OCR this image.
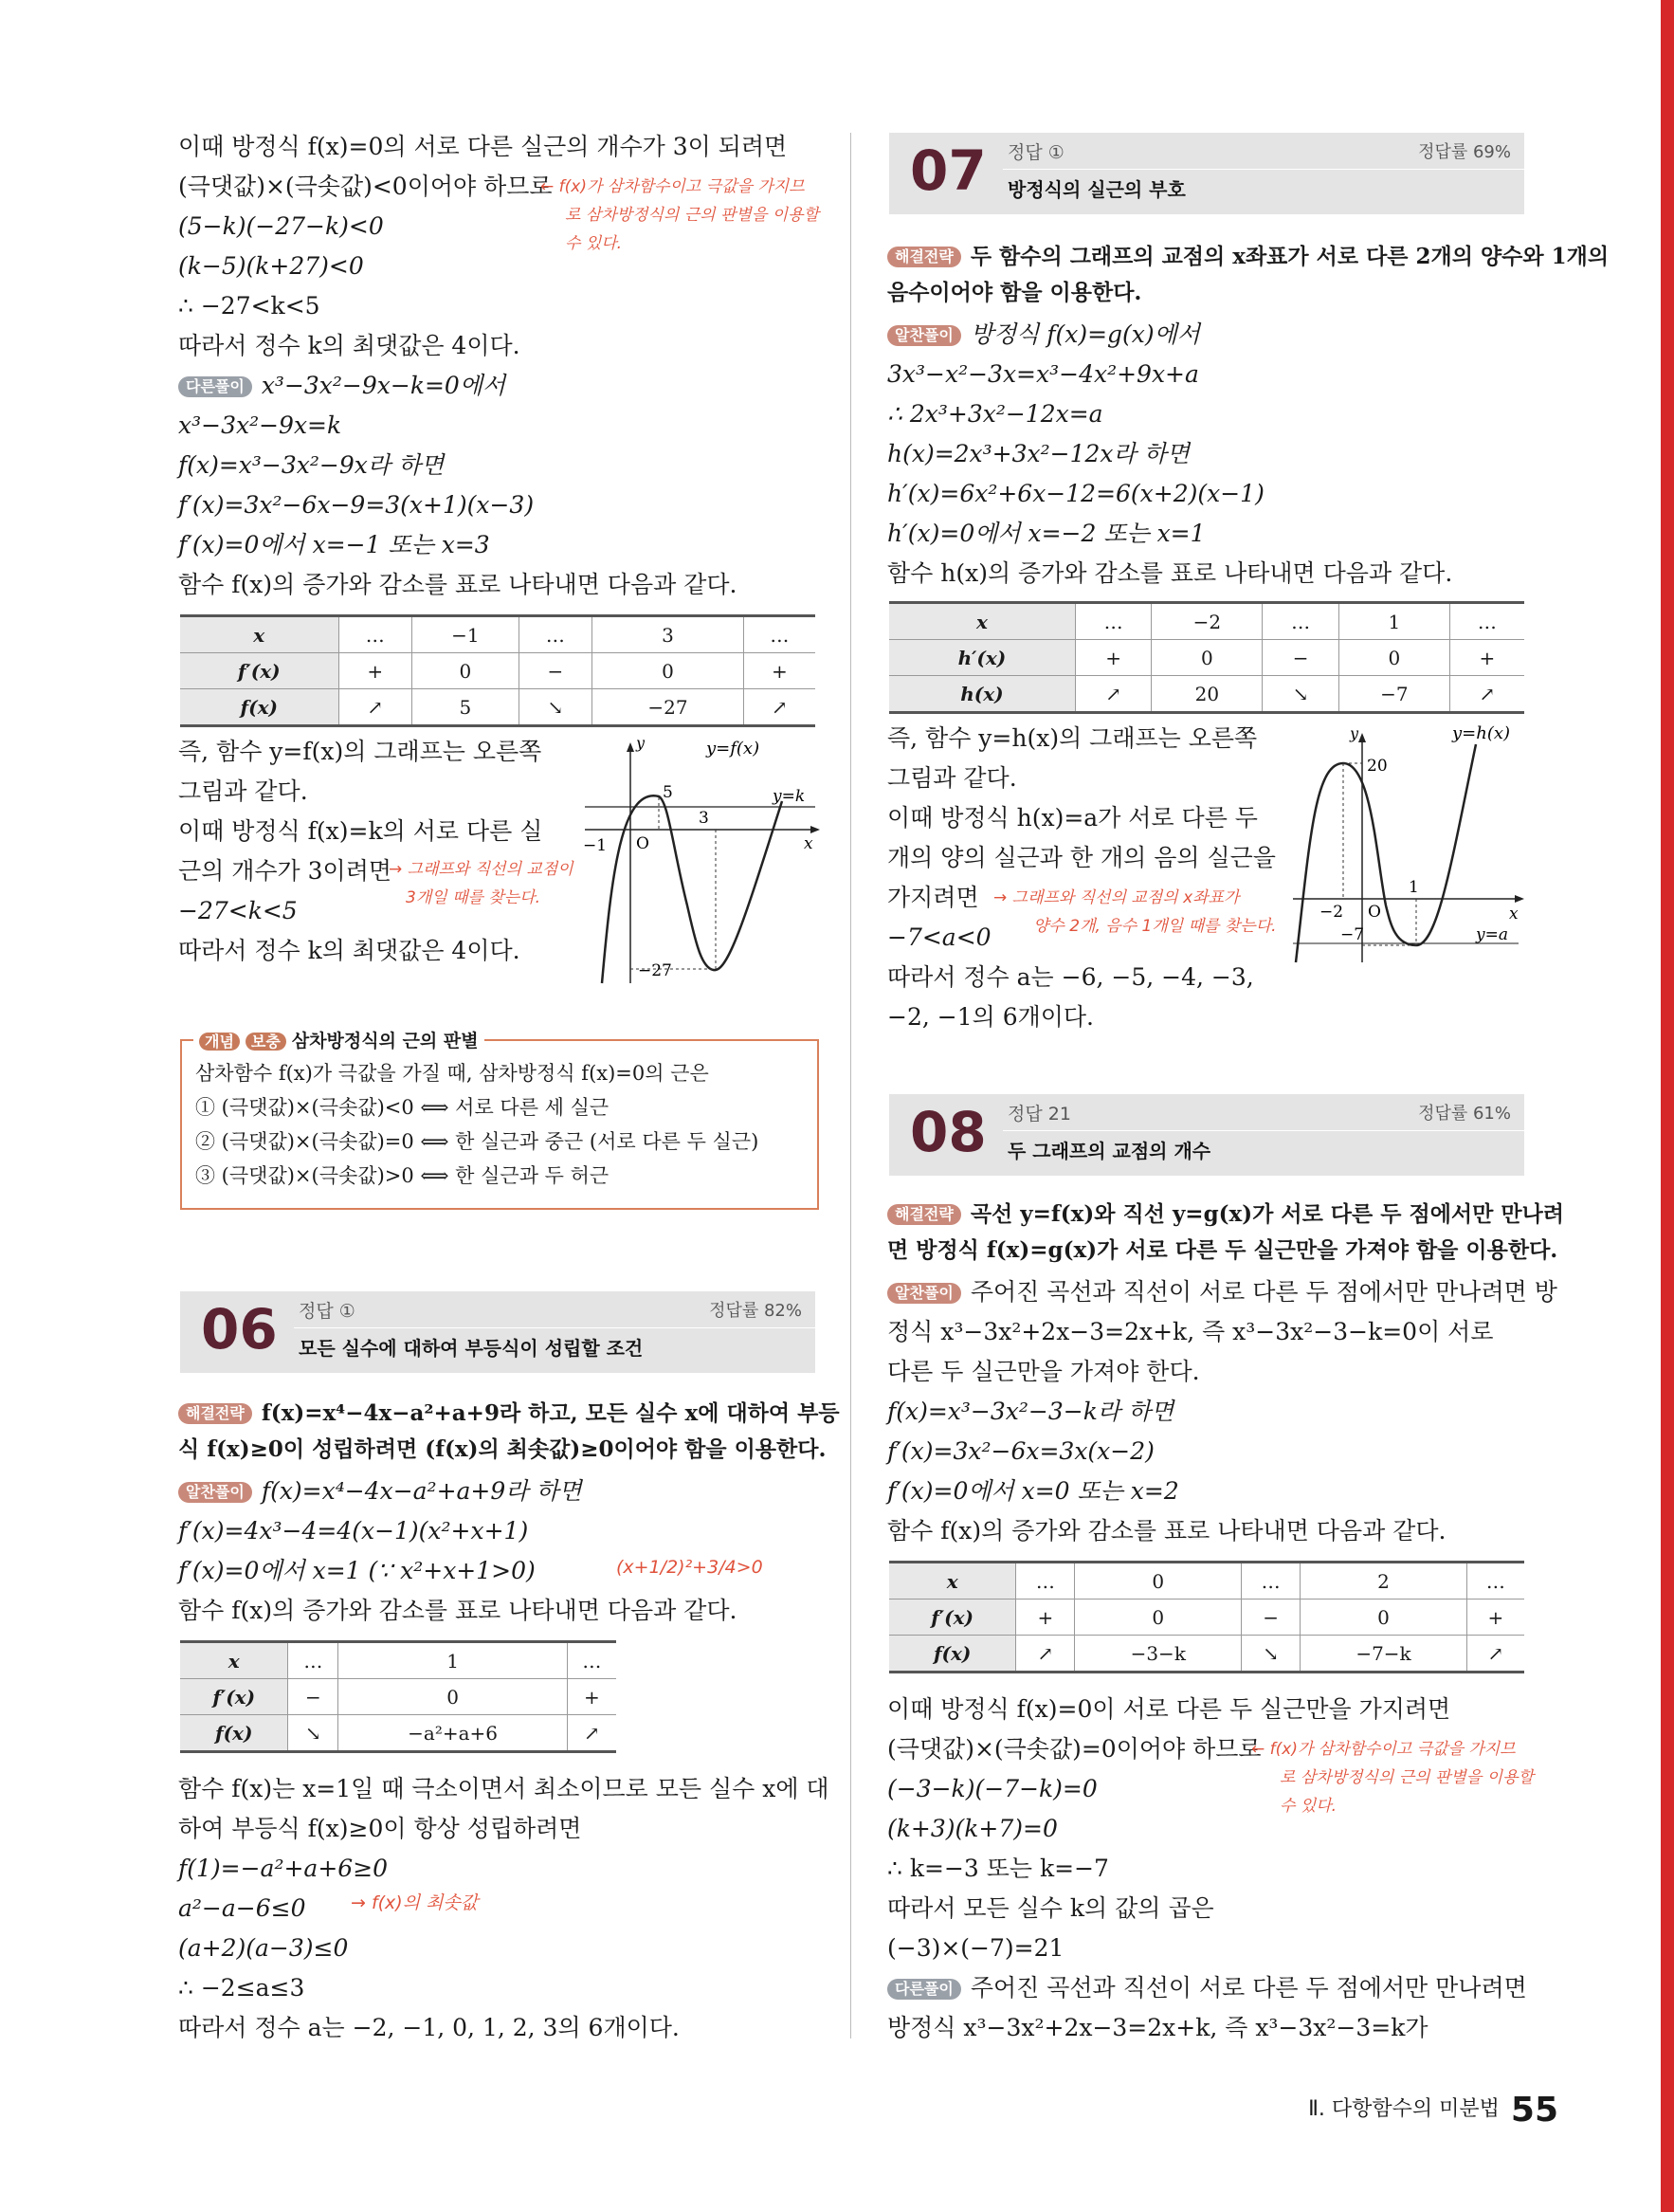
이때 방정식 f(x)=0의 서로 다른 실근의 개수가 3이 되려면
(극댓값)×(극솟값)<0이어야 하므로
(5−k)(−27−k)<0
(k−5)(k+27)<0
∴ −27<k<5
따라서 정수 k의 최댓값은 4이다.
← f(x)가 삼차함수이고 극값을 가지므
로 삼차방정식의 근의 판별을 이용할
수 있다.
다른풀이 x³−3x²−9x−k=0에서
x³−3x²−9x=k
f(x)=x³−3x²−9x라 하면
f′(x)=3x²−6x−9=3(x+1)(x−3)
f′(x)=0에서 x=−1 또는 x=3
함수 f(x)의 증가와 감소를 표로 나타내면 다음과 같다.
x	…	−1	…	3	…
f′(x)	+	0	−	0	+
f(x)	↗	5	↘	−27	↗
즉, 함수 y=f(x)의 그래프는 오른쪽
그림과 같다.
이때 방정식 f(x)=k의 서로 다른 실
근의 개수가 3이려면
−27<k<5
따라서 정수 k의 최댓값은 4이다.
→ 그래프와 직선의 교점이
3개일 때를 찾는다.
y	y=f(x)
5	y=k
3
x
−1 O
−27
개념 보충 삼차방정식의 근의 판별
삼차함수 f(x)가 극값을 가질 때, 삼차방정식 f(x)=0의 근은
① (극댓값)×(극솟값)<0 ⟺ 서로 다른 세 실근
② (극댓값)×(극솟값)=0 ⟺ 한 실근과 중근 (서로 다른 두 실근)
③ (극댓값)×(극솟값)>0 ⟺ 한 실근과 두 허근
06 정답 ①	정답률 82%
모든 실수에 대하여 부등식이 성립할 조건
해결전략 f(x)=x⁴−4x−a²+a+9라 하고, 모든 실수 x에 대하여 부등
식 f(x)≥0이 성립하려면 (f(x)의 최솟값)≥0이어야 함을 이용한다.
알찬풀이 f(x)=x⁴−4x−a²+a+9라 하면
f′(x)=4x³−4=4(x−1)(x²+x+1)
f′(x)=0에서 x=1 (∵ x²+x+1>0)	(x+1/2)²+3/4>0
함수 f(x)의 증가와 감소를 표로 나타내면 다음과 같다.
x	…	1	…
f′(x)	−	0	+
f(x)	↘	−a²+a+6	↗
함수 f(x)는 x=1일 때 극소이면서 최소이므로 모든 실수 x에 대
하여 부등식 f(x)≥0이 항상 성립하려면
f(1)=−a²+a+6≥0
→ f(x)의 최솟값
a²−a−6≤0
(a+2)(a−3)≤0
∴ −2≤a≤3
따라서 정수 a는 −2, −1, 0, 1, 2, 3의 6개이다.
07 정답 ①	정답률 69%
방정식의 실근의 부호
해결전략 두 함수의 그래프의 교점의 x좌표가 서로 다른 2개의 양수와 1개의
음수이어야 함을 이용한다.
알찬풀이 방정식 f(x)=g(x)에서
3x³−x²−3x=x³−4x²+9x+a
∴ 2x³+3x²−12x=a
h(x)=2x³+3x²−12x라 하면
h′(x)=6x²+6x−12=6(x+2)(x−1)
h′(x)=0에서 x=−2 또는 x=1
함수 h(x)의 증가와 감소를 표로 나타내면 다음과 같다.
x	…	−2	…	1	…
h′(x)	+	0	−	0	+
h(x)	↗	20	↘	−7	↗
즉, 함수 y=h(x)의 그래프는 오른쪽
그림과 같다.
이때 방정식 h(x)=a가 서로 다른 두
개의 양의 실근과 한 개의 음의 실근을
가지려면
−7<a<0
따라서 정수 a는 −6, −5, −4, −3,
−2, −1의 6개이다.
→ 그래프와 직선의 교점의 x좌표가
양수 2개, 음수 1개일 때를 찾는다.
y	y=h(x)
20
1
x
−2 O
−7	y=a
08 정답 21	정답률 61%
두 그래프의 교점의 개수
해결전략 곡선 y=f(x)와 직선 y=g(x)가 서로 다른 두 점에서만 만나려
면 방정식 f(x)=g(x)가 서로 다른 두 실근만을 가져야 함을 이용한다.
알찬풀이 주어진 곡선과 직선이 서로 다른 두 점에서만 만나려면 방
정식 x³−3x²+2x−3=2x+k, 즉 x³−3x²−3−k=0이 서로
다른 두 실근만을 가져야 한다.
f(x)=x³−3x²−3−k라 하면
f′(x)=3x²−6x=3x(x−2)
f′(x)=0에서 x=0 또는 x=2
함수 f(x)의 증가와 감소를 표로 나타내면 다음과 같다.
x	…	0	…	2	…
f′(x)	+	0	−	0	+
f(x)	↗	−3−k	↘	−7−k	↗
이때 방정식 f(x)=0이 서로 다른 두 실근만을 가지려면
(극댓값)×(극솟값)=0이어야 하므로
(−3−k)(−7−k)=0
(k+3)(k+7)=0
∴ k=−3 또는 k=−7
따라서 모든 실수 k의 값의 곱은
(−3)×(−7)=21
← f(x)가 삼차함수이고 극값을 가지므
로 삼차방정식의 근의 판별을 이용할
수 있다.
다른풀이 주어진 곡선과 직선이 서로 다른 두 점에서만 만나려면
방정식 x³−3x²+2x−3=2x+k, 즉 x³−3x²−3=k가
Ⅱ. 다항함수의 미분법 55
